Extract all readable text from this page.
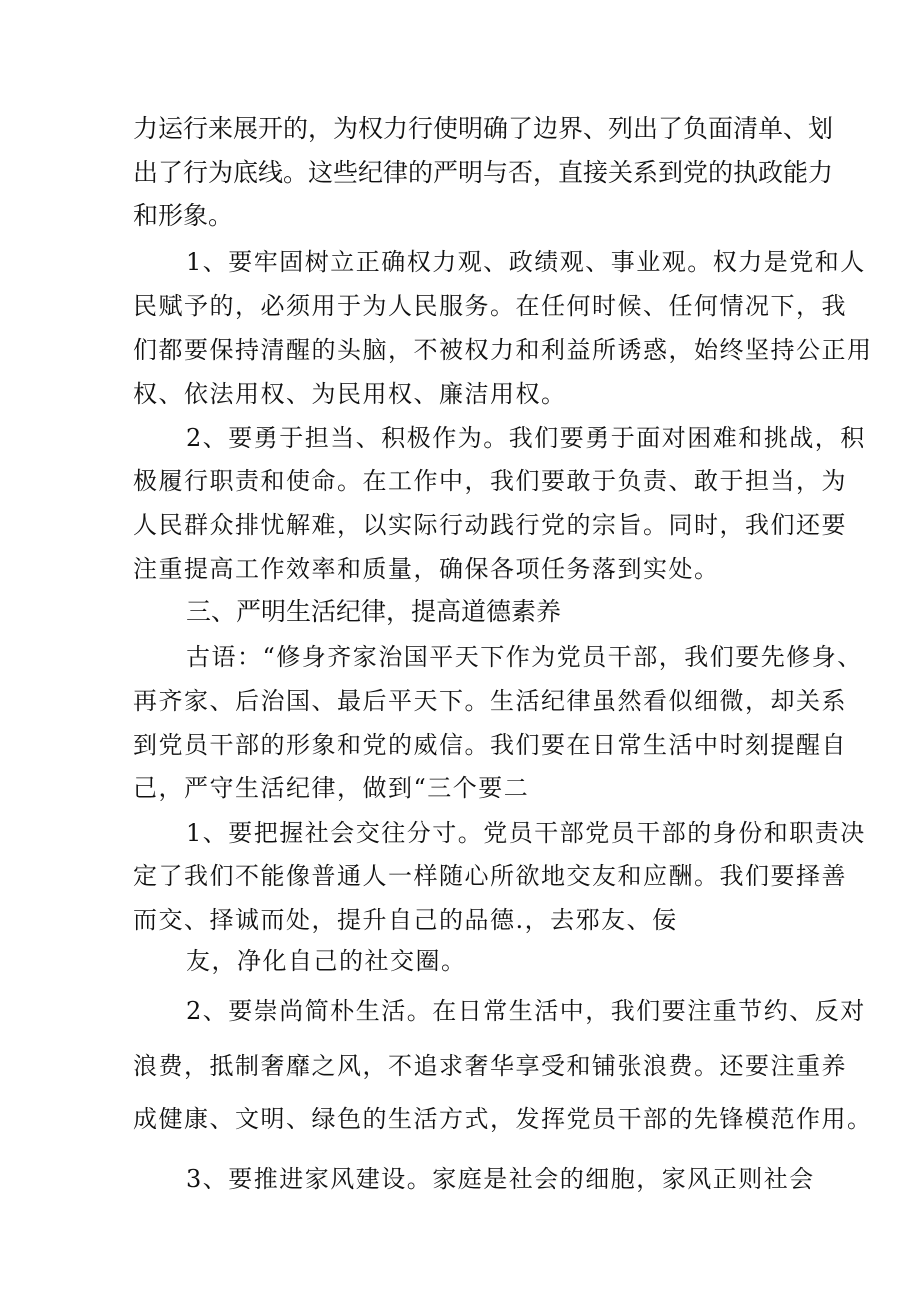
力运行来展开的，为权力行使明确了边界、列出了负面清单、划
出了行为底线。这些纪律的严明与否，直接关系到党的执政能力
和形象。
1、要牢固树立正确权力观、政绩观、事业观。权力是党和人
民赋予的，必须用于为人民服务。在任何时候、任何情况下，我
们都要保持清醒的头脑，不被权力和利益所诱惑，始终坚持公正用
权、依法用权、为民用权、廉洁用权。
2、要勇于担当、积极作为。我们要勇于面对困难和挑战，积
极履行职责和使命。在工作中，我们要敢于负责、敢于担当，为
人民群众排忧解难，以实际行动践行党的宗旨。同时，我们还要
注重提高工作效率和质量，确保各项任务落到实处。
三、严明生活纪律，提高道德素养
古语：“修身齐家治国平天下作为党员干部，我们要先修身、
再齐家、后治国、最后平天下。生活纪律虽然看似细微，却关系
到党员干部的形象和党的威信。我们要在日常生活中时刻提醒自
己，严守生活纪律，做到“三个要二
1、要把握社会交往分寸。党员干部党员干部的身份和职责决
定了我们不能像普通人一样随心所欲地交友和应酬。我们要择善
而交、择诚而处，提升自己的品德.，去邪友、佞
友，净化自己的社交圈。
2、要崇尚简朴生活。在日常生活中，我们要注重节约、反对
浪费，抵制奢靡之风，不追求奢华享受和铺张浪费。还要注重养
成健康、文明、绿色的生活方式，发挥党员干部的先锋模范作用。
3、要推进家风建设。家庭是社会的细胞，家风正则社会
